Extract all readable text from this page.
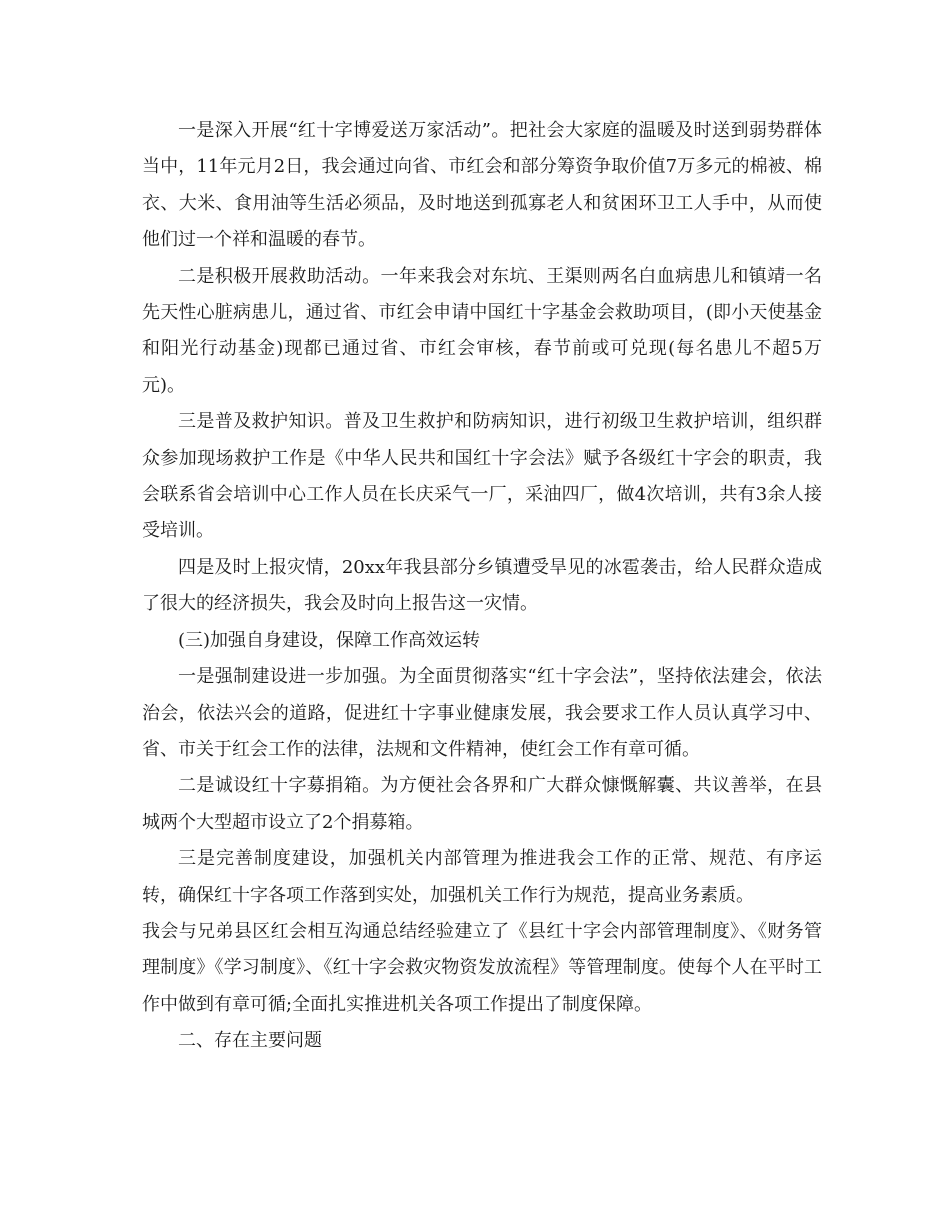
一是深入开展“红十字博爱送万家活动”。把社会大家庭的温暖及时送到弱势群体当中，11年元月2日，我会通过向省、市红会和部分筹资争取价值7万多元的棉被、棉衣、大米、食用油等生活必须品，及时地送到孤寡老人和贫困环卫工人手中，从而使他们过一个祥和温暖的春节。

二是积极开展救助活动。一年来我会对东坑、王渠则两名白血病患儿和镇靖一名先天性心脏病患儿，通过省、市红会申请中国红十字基金会救助项目，(即小天使基金和阳光行动基金)现都已通过省、市红会审核，春节前或可兑现(每名患儿不超5万元)。

三是普及救护知识。普及卫生救护和防病知识，进行初级卫生救护培训，组织群众参加现场救护工作是《中华人民共和国红十字会法》赋予各级红十字会的职责，我会联系省会培训中心工作人员在长庆采气一厂，采油四厂，做4次培训，共有3余人接受培训。

四是及时上报灾情，20xx年我县部分乡镇遭受旱见的冰雹袭击，给人民群众造成了很大的经济损失，我会及时向上报告这一灾情。

(三)加强自身建设，保障工作高效运转

一是强制建设进一步加强。为全面贯彻落实“红十字会法”，坚持依法建会，依法治会，依法兴会的道路，促进红十字事业健康发展，我会要求工作人员认真学习中、省、市关于红会工作的法律，法规和文件精神，使红会工作有章可循。

二是诚设红十字募捐箱。为方便社会各界和广大群众慷慨解囊、共议善举，在县城两个大型超市设立了2个捐募箱。

三是完善制度建设，加强机关内部管理为推进我会工作的正常、规范、有序运转，确保红十字各项工作落到实处，加强机关工作行为规范，提高业务素质。

我会与兄弟县区红会相互沟通总结经验建立了《县红十字会内部管理制度》、《财务管理制度》《学习制度》、《红十字会救灾物资发放流程》等管理制度。使每个人在平时工作中做到有章可循;全面扎实推进机关各项工作提出了制度保障。

二、存在主要问题
